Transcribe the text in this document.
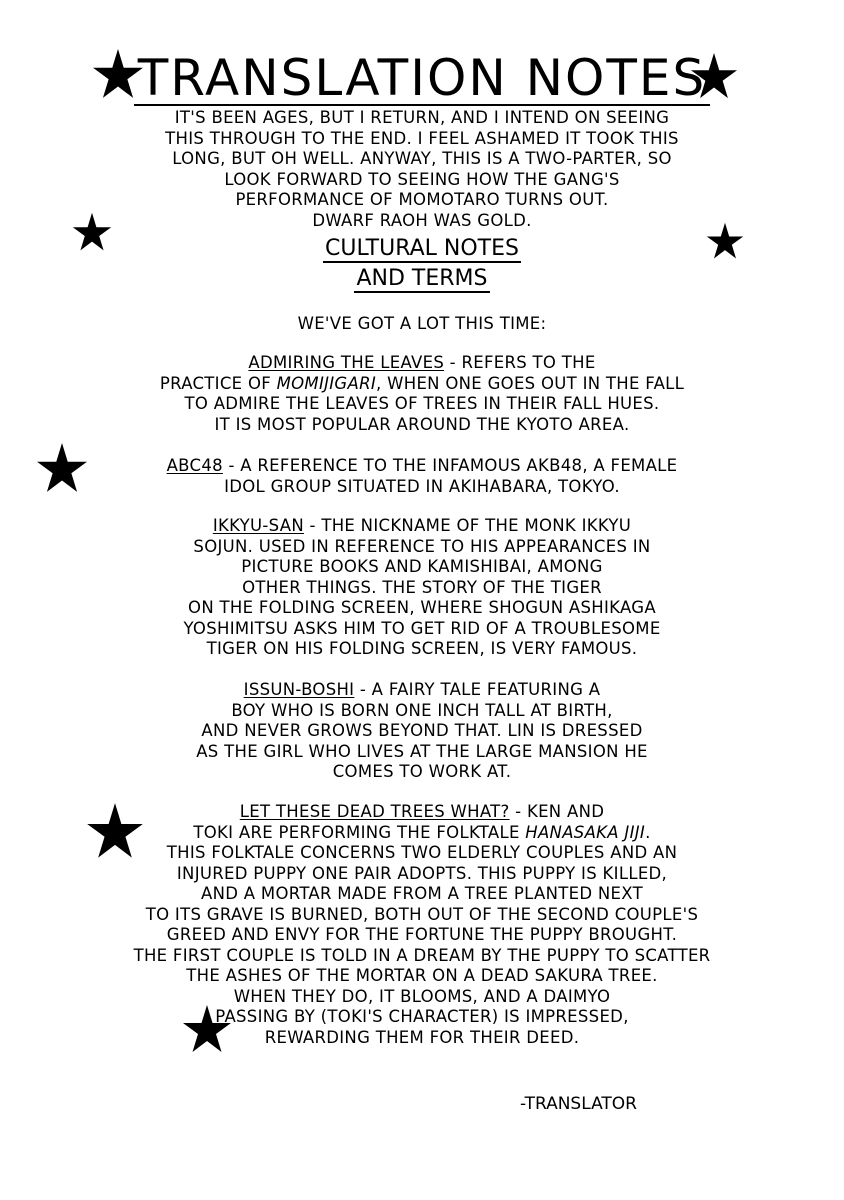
TRANSLATION NOTES

IT'S BEEN AGES, BUT I RETURN, AND I INTEND ON SEEING

THIS THROUGH TO THE END. I FEEL ASHAMED IT TOOK THIS

LONG, BUT OH WELL. ANYWAY, THIS IS A TWO-PARTER, SO

LOOK FORWARD TO SEEING HOW THE GANG'S

PERFORMANCE OF MOMOTARO TURNS OUT.

DWARF RAOH WAS GOLD.

CULTURAL NOTES
AND TERMS

WE'VE GOT A LOT THIS TIME:

ADMIRING THE LEAVES - REFERS TO THE

PRACTICE OF MOMIJIGARI, WHEN ONE GOES OUT IN THE FALL

TO ADMIRE THE LEAVES OF TREES IN THEIR FALL HUES.

IT IS MOST POPULAR AROUND THE KYOTO AREA.

ABC48 - A REFERENCE TO THE INFAMOUS AKB48, A FEMALE

IDOL GROUP SITUATED IN AKIHABARA, TOKYO.

IKKYU-SAN - THE NICKNAME OF THE MONK IKKYU

SOJUN. USED IN REFERENCE TO HIS APPEARANCES IN

PICTURE BOOKS AND KAMISHIBAI, AMONG

OTHER THINGS. THE STORY OF THE TIGER

ON THE FOLDING SCREEN, WHERE SHOGUN ASHIKAGA

YOSHIMITSU ASKS HIM TO GET RID OF A TROUBLESOME

TIGER ON HIS FOLDING SCREEN, IS VERY FAMOUS.

ISSUN-BOSHI - A FAIRY TALE FEATURING A

BOY WHO IS BORN ONE INCH TALL AT BIRTH,

AND NEVER GROWS BEYOND THAT. LIN IS DRESSED

AS THE GIRL WHO LIVES AT THE LARGE MANSION HE

COMES TO WORK AT.

LET THESE DEAD TREES WHAT? - KEN AND

TOKI ARE PERFORMING THE FOLKTALE HANASAKA JIJI.

THIS FOLKTALE CONCERNS TWO ELDERLY COUPLES AND AN

INJURED PUPPY ONE PAIR ADOPTS. THIS PUPPY IS KILLED,

AND A MORTAR MADE FROM A TREE PLANTED NEXT

TO ITS GRAVE IS BURNED, BOTH OUT OF THE SECOND COUPLE'S

GREED AND ENVY FOR THE FORTUNE THE PUPPY BROUGHT.

THE FIRST COUPLE IS TOLD IN A DREAM BY THE PUPPY TO SCATTER

THE ASHES OF THE MORTAR ON A DEAD SAKURA TREE.

WHEN THEY DO, IT BLOOMS, AND A DAIMYO

PASSING BY (TOKI'S CHARACTER) IS IMPRESSED,

REWARDING THEM FOR THEIR DEED.

-TRANSLATOR
